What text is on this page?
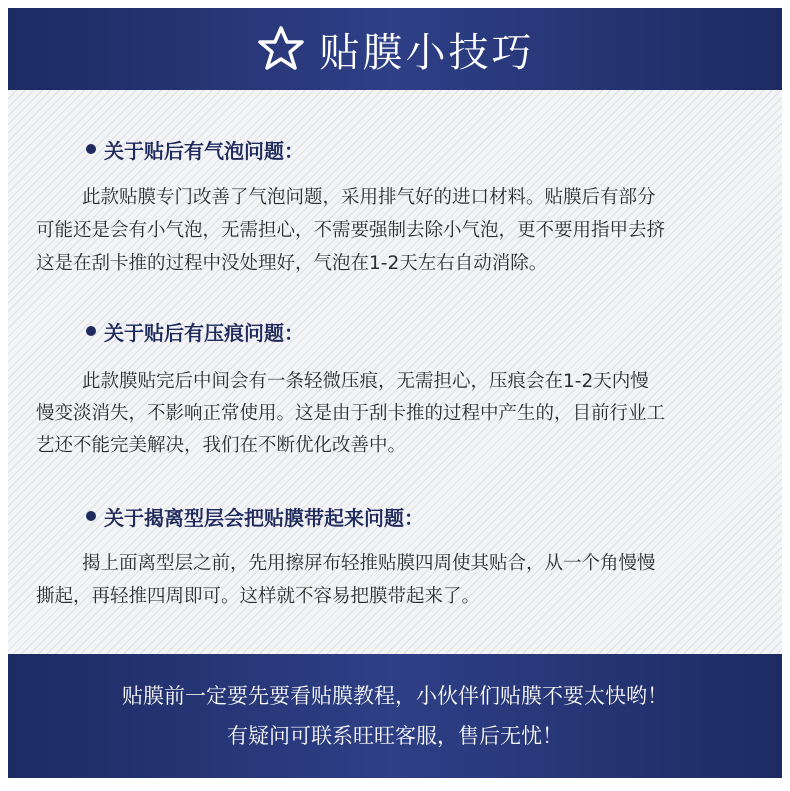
贴膜小技巧
关于贴后有气泡问题：
此款贴膜专门改善了气泡问题，采用排气好的进口材料。贴膜后有部分
可能还是会有小气泡，无需担心，不需要强制去除小气泡，更不要用指甲去挤
这是在刮卡推的过程中没处理好，气泡在1-2天左右自动消除。
关于贴后有压痕问题：
此款膜贴完后中间会有一条轻微压痕，无需担心，压痕会在1-2天内慢
慢变淡消失，不影响正常使用。这是由于刮卡推的过程中产生的，目前行业工
艺还不能完美解决，我们在不断优化改善中。
关于揭离型层会把贴膜带起来问题：
揭上面离型层之前，先用擦屏布轻推贴膜四周使其贴合，从一个角慢慢
撕起，再轻推四周即可。这样就不容易把膜带起来了。
贴膜前一定要先要看贴膜教程，小伙伴们贴膜不要太快哟！
有疑问可联系旺旺客服，售后无忧！
